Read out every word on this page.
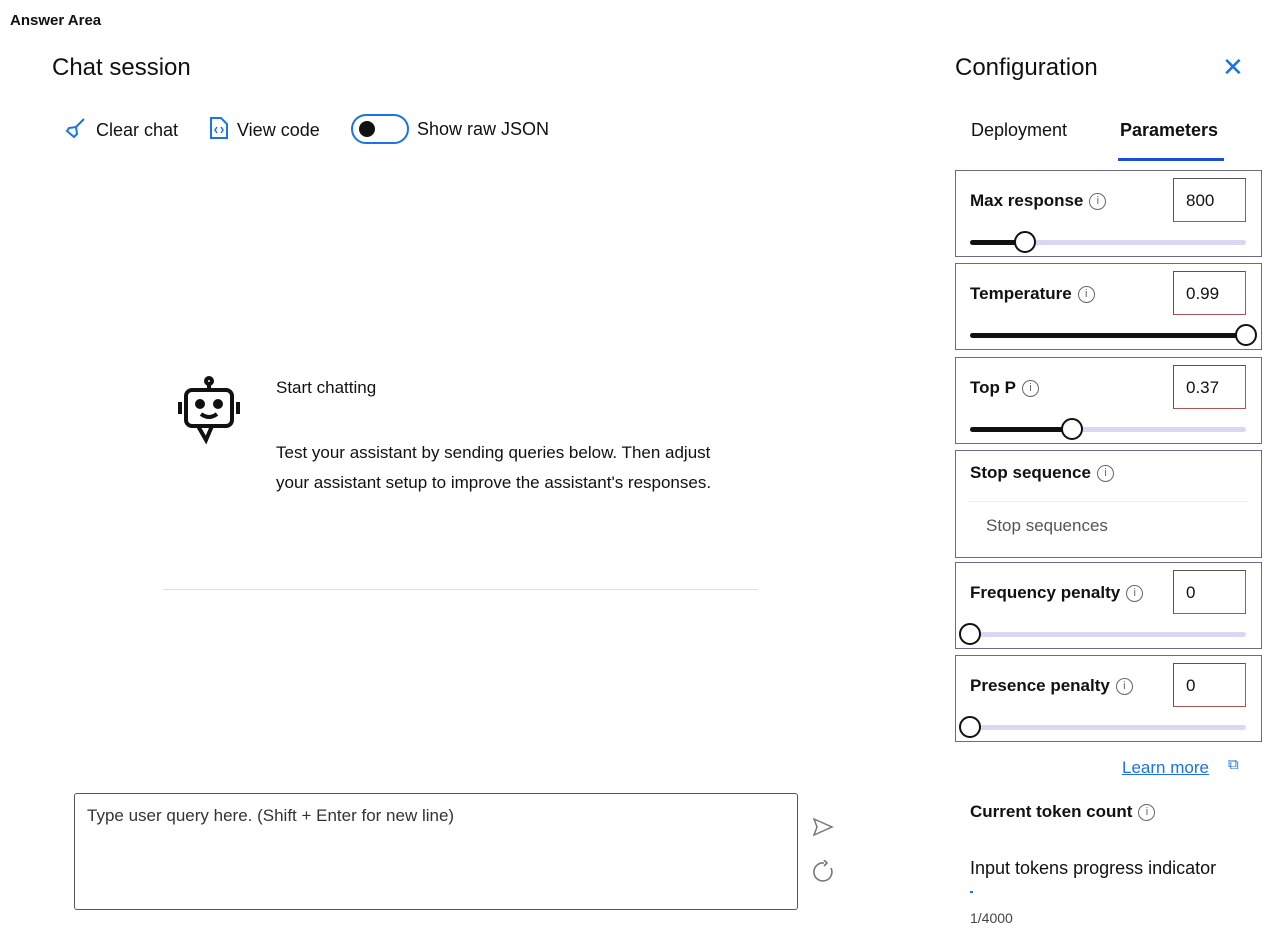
Answer Area
Chat session
Clear chat	View code	Show raw JSON
Start chatting
Test your assistant by sending queries below. Then adjust your assistant setup to improve the assistant's responses.
Type user query here. (Shift + Enter for new line)
Configuration	✕
Deployment	Parameters
Max response	i	800
Temperature	i	0.99
Top P	i	0.37
Frequency penalty	i	0
Presence penalty	i	0
Stop sequence	i
Stop sequences
Learn more ⧉
Current token count	i
Input tokens progress indicator
1/4000
